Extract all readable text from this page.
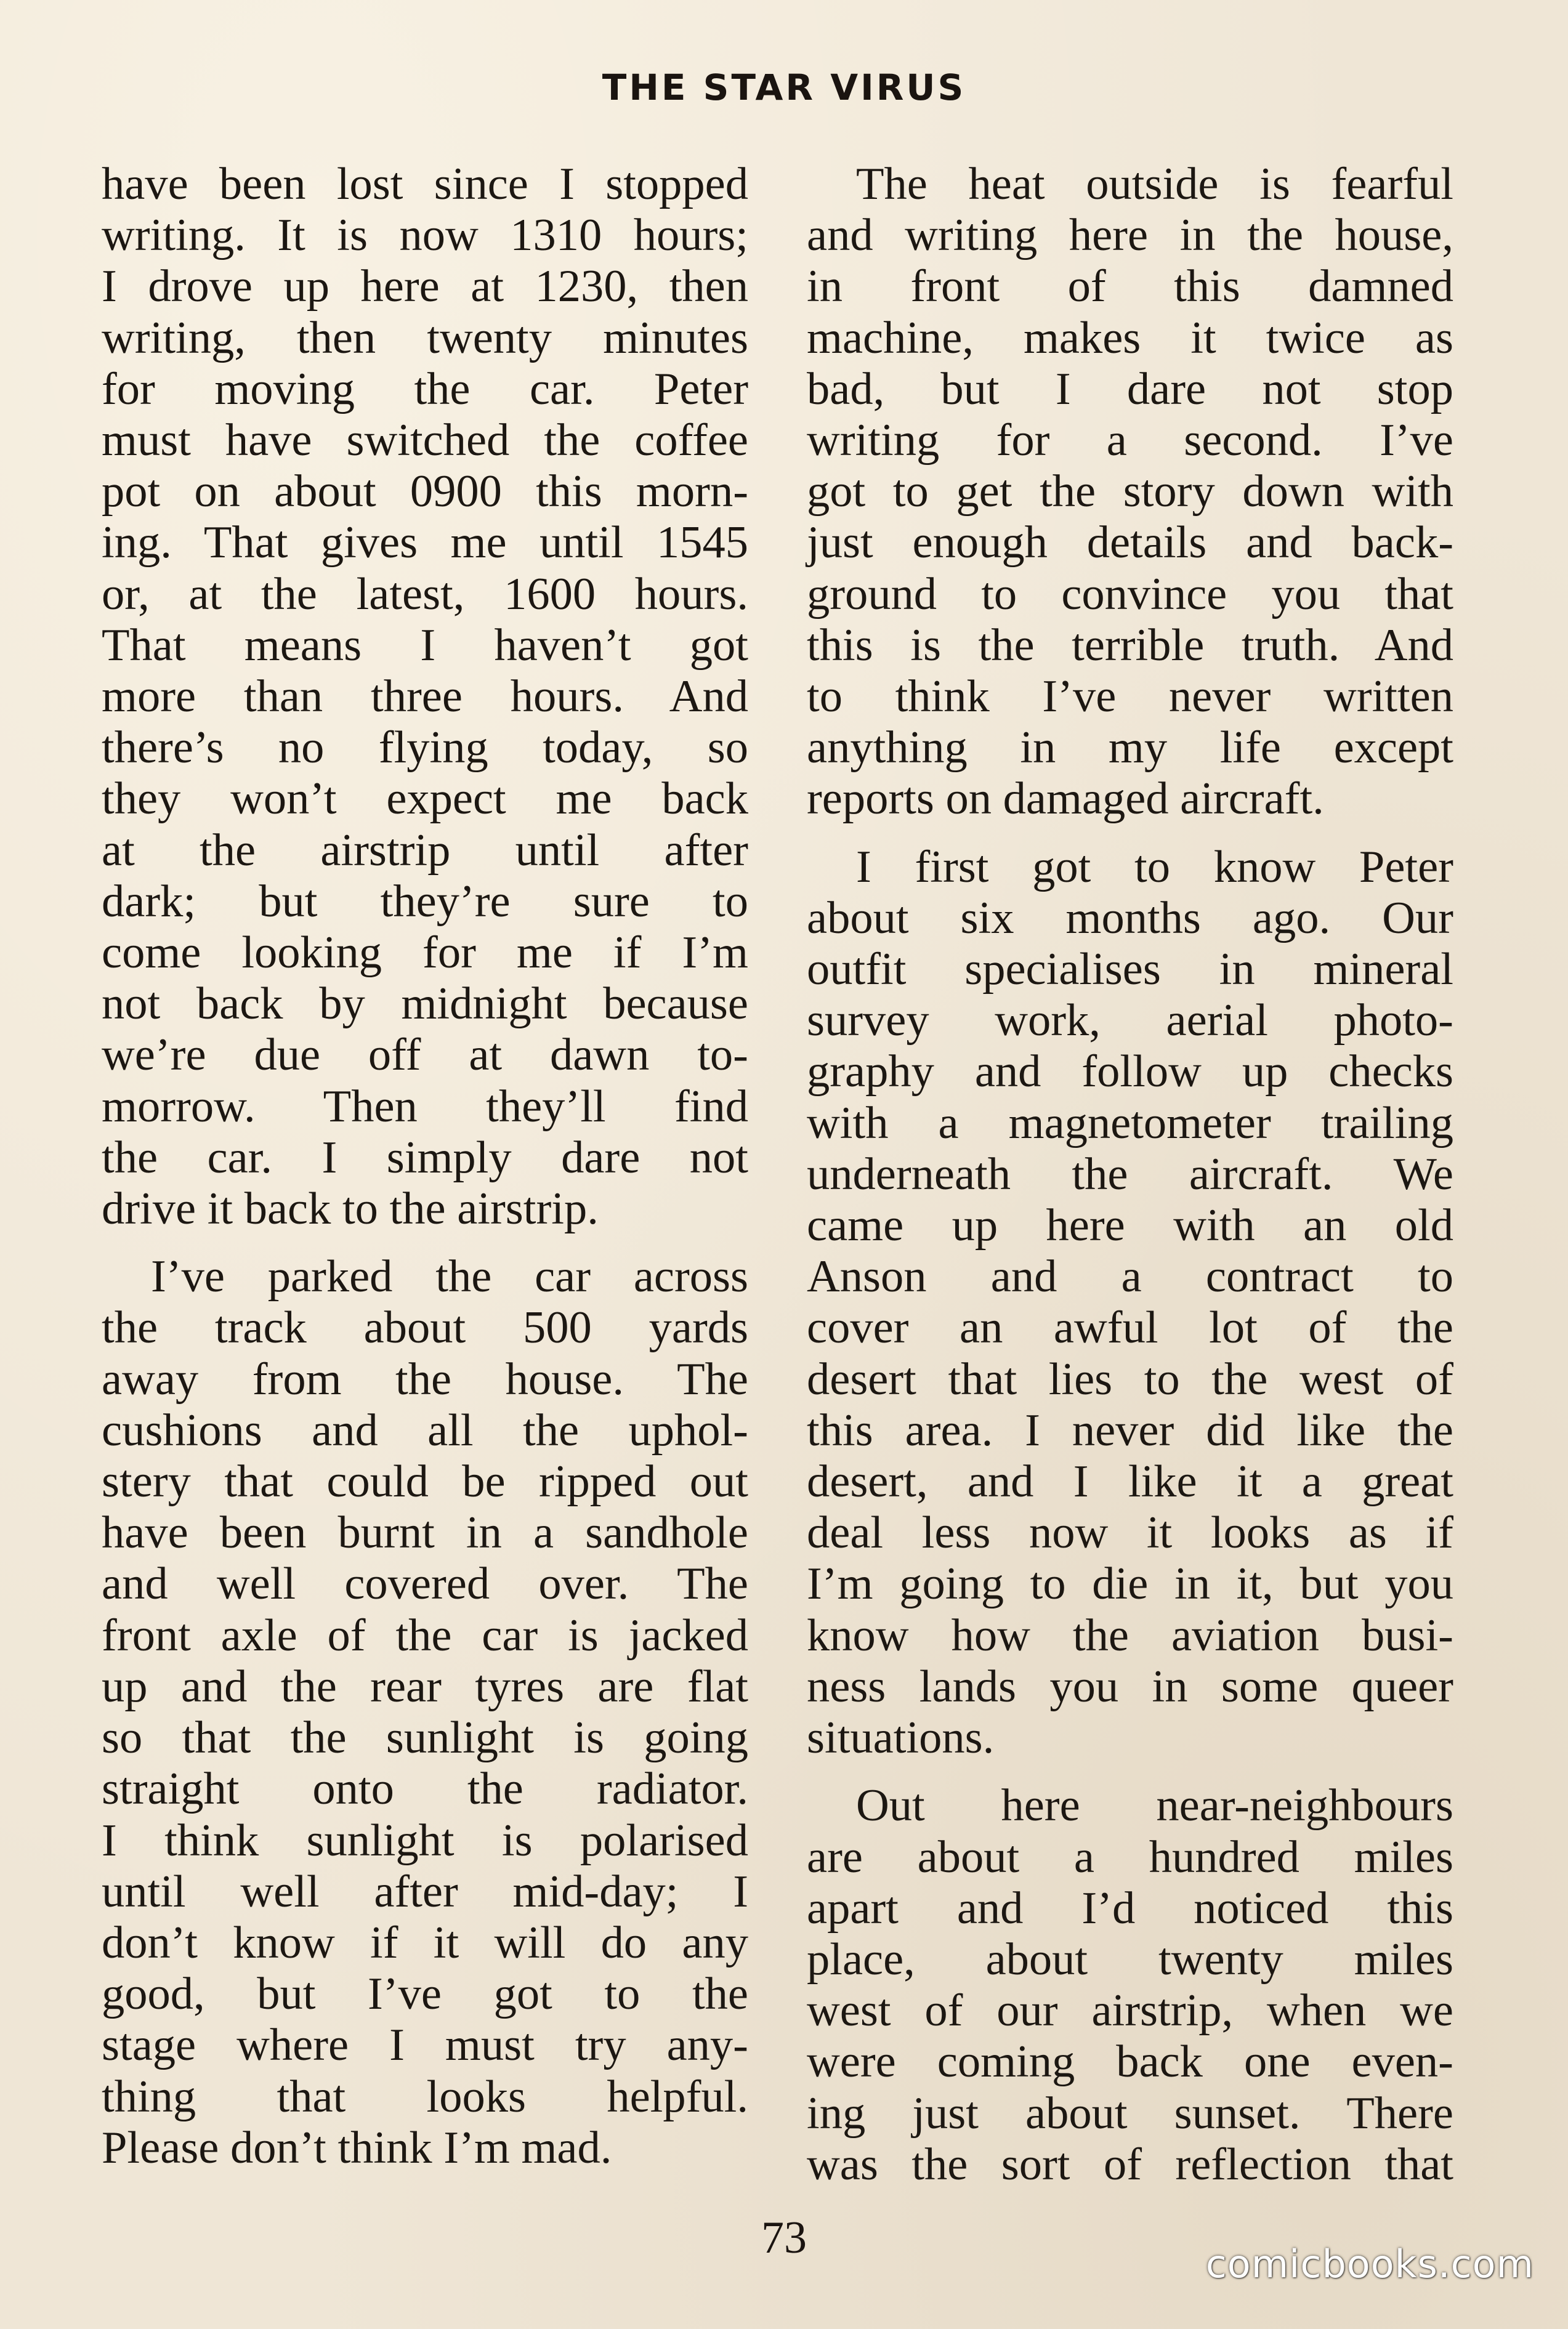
THE STAR VIRUS
have been lost since I stopped
writing. It is now 1310 hours;
I drove up here at 1230, then
writing, then twenty minutes
for moving the car. Peter
must have switched the coffee
pot on about 0900 this morn-
ing. That gives me until 1545
or, at the latest, 1600 hours.
That means I haven’t got
more than three hours. And
there’s no flying today, so
they won’t expect me back
at the airstrip until after
dark; but they’re sure to
come looking for me if I’m
not back by midnight because
we’re due off at dawn to-
morrow. Then they’ll find
the car. I simply dare not
drive it back to the airstrip.
I’ve parked the car across
the track about 500 yards
away from the house. The
cushions and all the uphol-
stery that could be ripped out
have been burnt in a sandhole
and well covered over. The
front axle of the car is jacked
up and the rear tyres are flat
so that the sunlight is going
straight onto the radiator.
I think sunlight is polarised
until well after mid-day; I
don’t know if it will do any
good, but I’ve got to the
stage where I must try any-
thing that looks helpful.
Please don’t think I’m mad.
The heat outside is fearful
and writing here in the house,
in front of this damned
machine, makes it twice as
bad, but I dare not stop
writing for a second. I’ve
got to get the story down with
just enough details and back-
ground to convince you that
this is the terrible truth. And
to think I’ve never written
anything in my life except
reports on damaged aircraft.
I first got to know Peter
about six months ago. Our
outfit specialises in mineral
survey work, aerial photo-
graphy and follow up checks
with a magnetometer trailing
underneath the aircraft. We
came up here with an old
Anson and a contract to
cover an awful lot of the
desert that lies to the west of
this area. I never did like the
desert, and I like it a great
deal less now it looks as if
I’m going to die in it, but you
know how the aviation busi-
ness lands you in some queer
situations.
Out here near-neighbours
are about a hundred miles
apart and I’d noticed this
place, about twenty miles
west of our airstrip, when we
were coming back one even-
ing just about sunset. There
was the sort of reflection that
73
comicbooks.com
